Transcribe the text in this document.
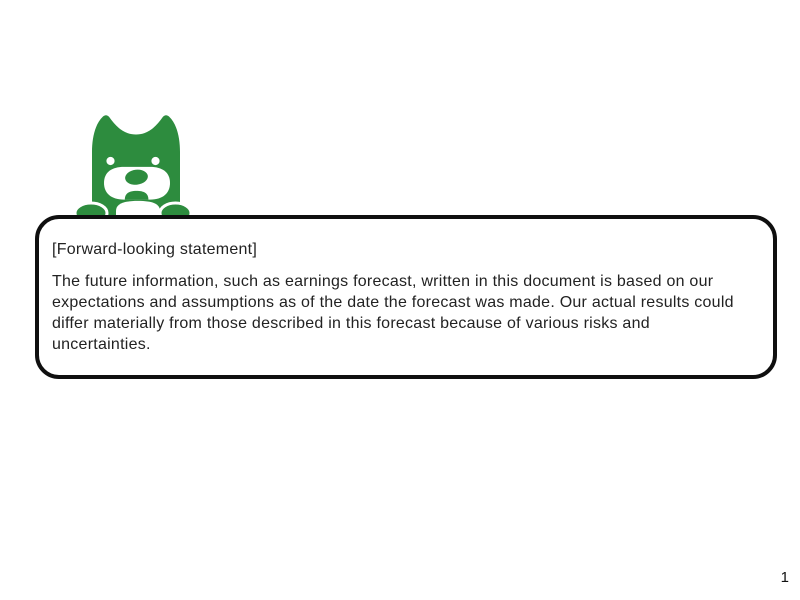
[Forward-looking statement]

The future information, such as earnings forecast, written in this document is based on our expectations and assumptions as of the date the forecast was made. Our actual results could differ materially from those described in this forecast because of various risks and uncertainties.

1
